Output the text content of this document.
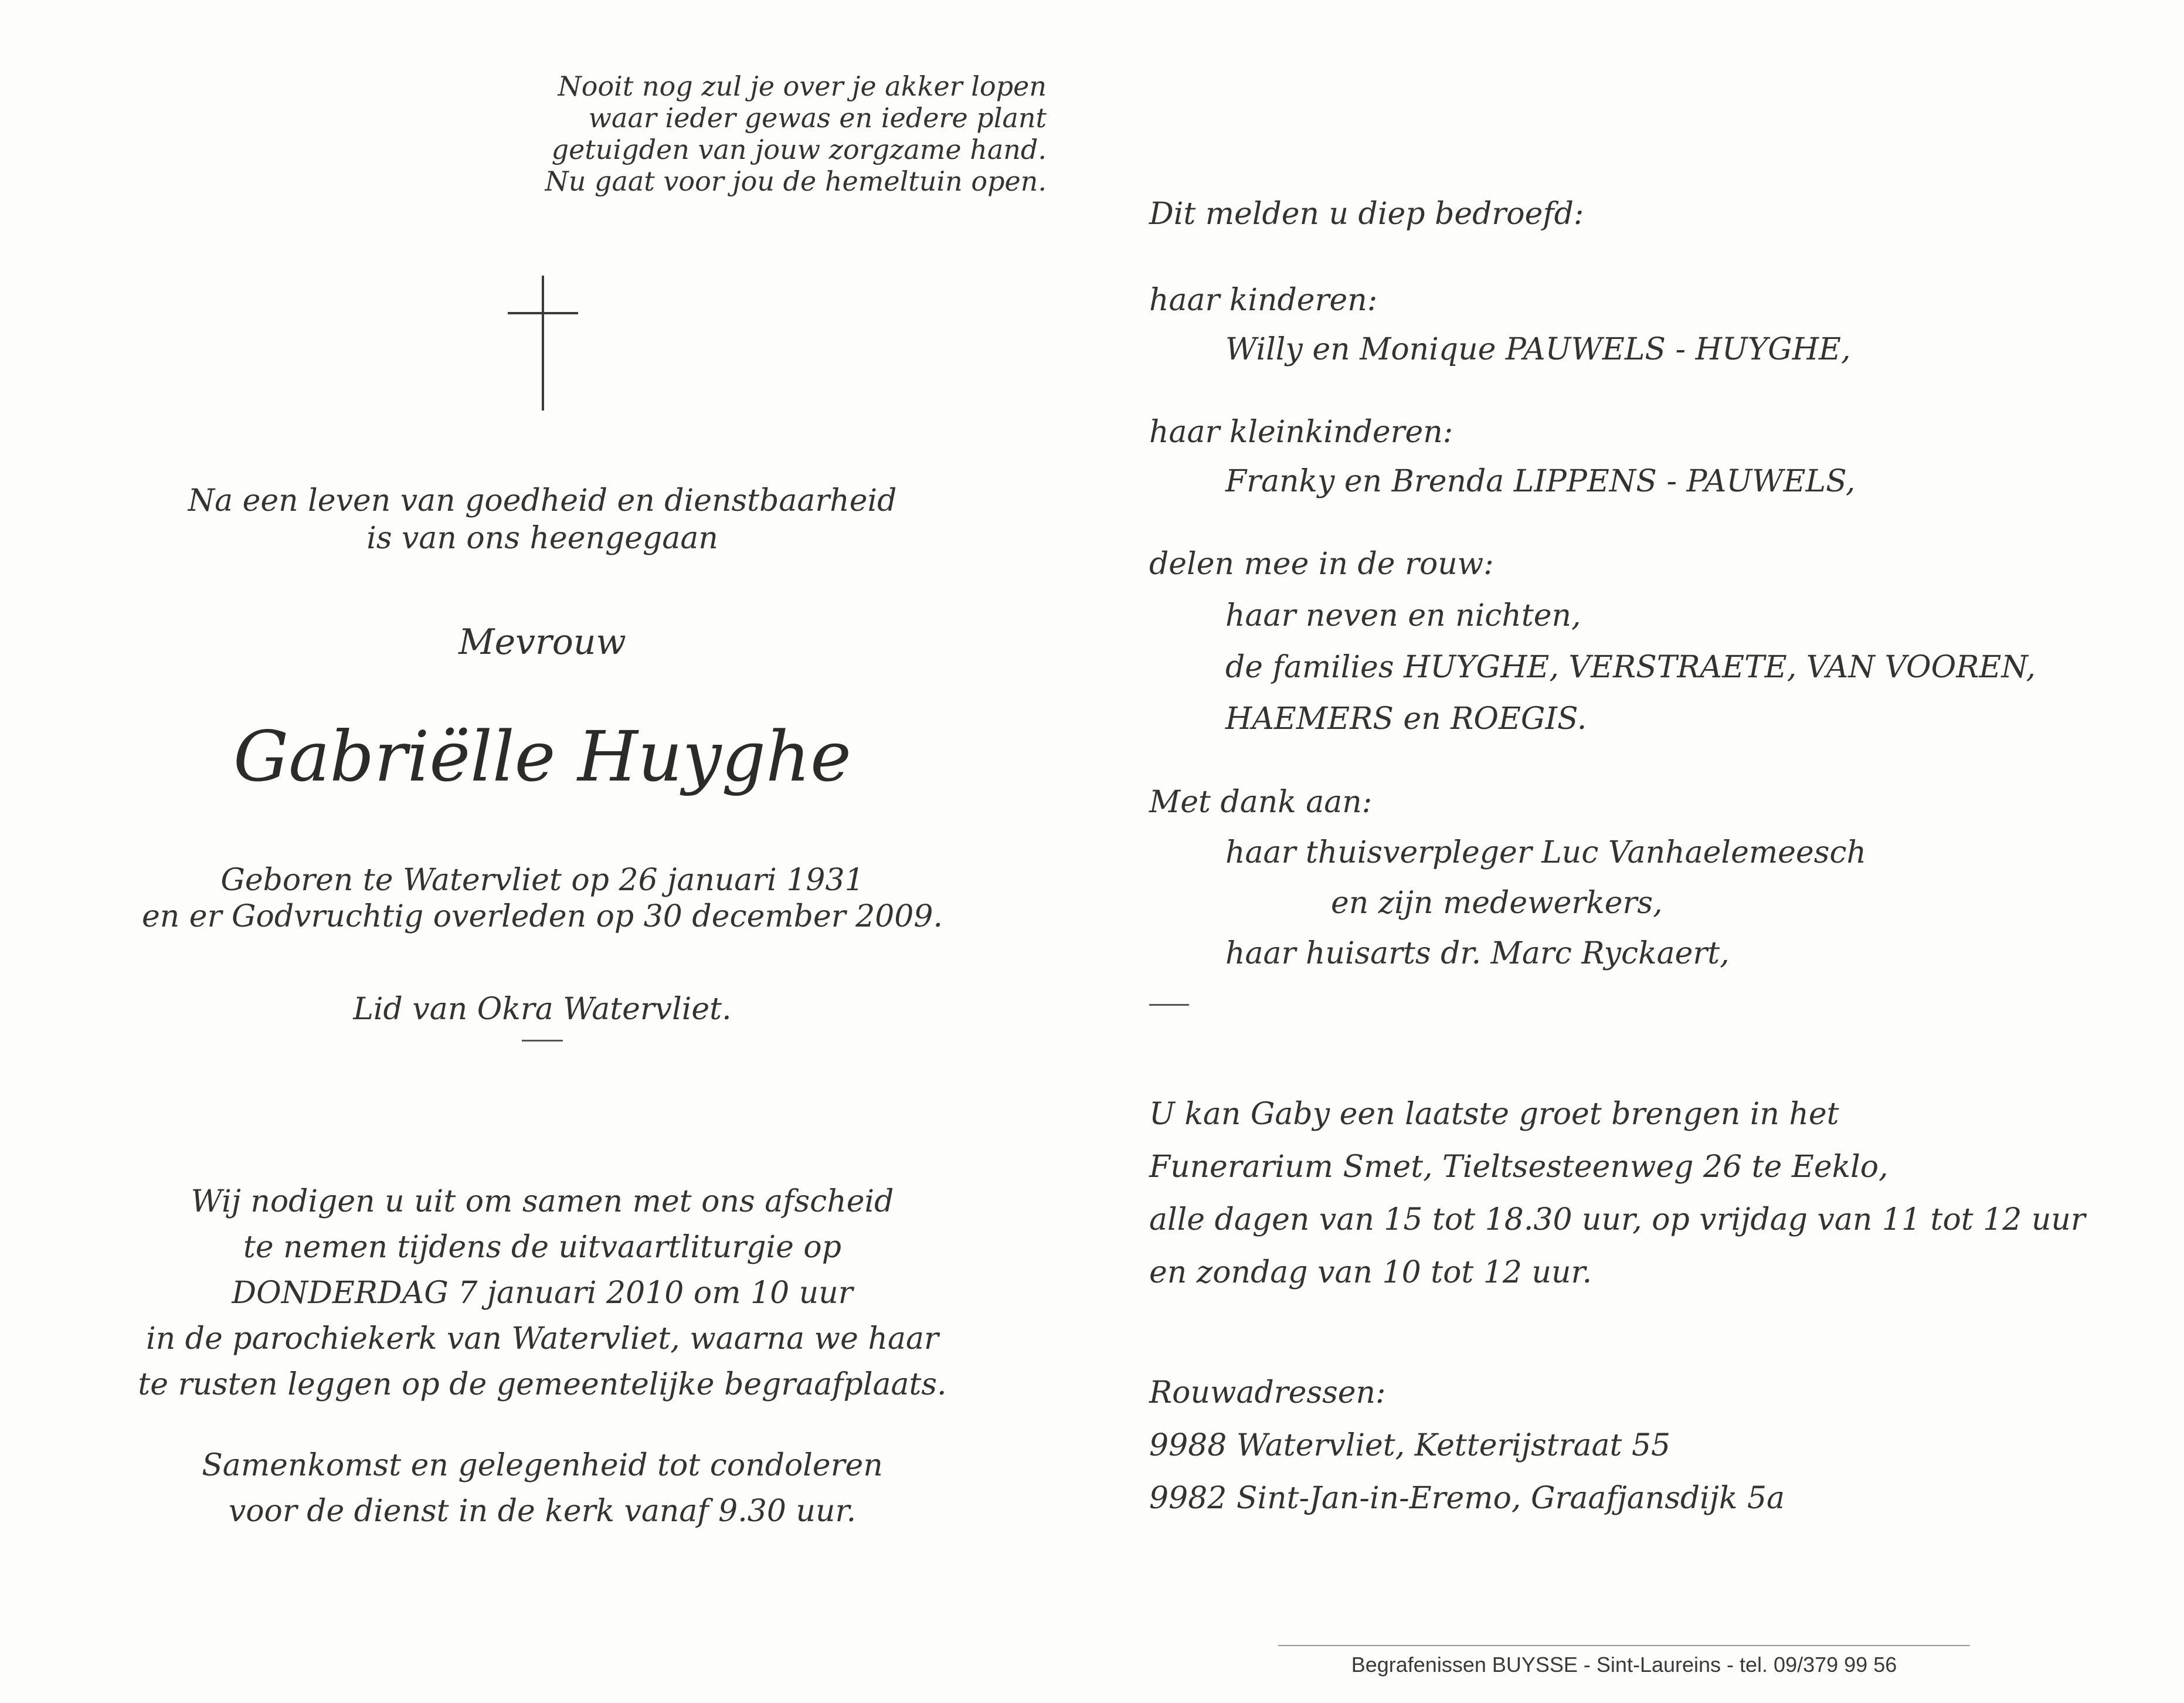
Nooit nog zul je over je akker lopen
waar ieder gewas en iedere plant
getuigden van jouw zorgzame hand.
Nu gaat voor jou de hemeltuin open.
Na een leven van goedheid en dienstbaarheid
is van ons heengegaan
Mevrouw
Gabriëlle Huyghe
Geboren te Watervliet op 26 januari 1931
en er Godvruchtig overleden op 30 december 2009.
Lid van Okra Watervliet.
Wij nodigen u uit om samen met ons afscheid
te nemen tijdens de uitvaartliturgie op
DONDERDAG 7 januari 2010 om 10 uur
in de parochiekerk van Watervliet, waarna we haar
te rusten leggen op de gemeentelijke begraafplaats.
Samenkomst en gelegenheid tot condoleren
voor de dienst in de kerk vanaf 9.30 uur.
Dit melden u diep bedroefd:
haar kinderen:
Willy en Monique PAUWELS - HUYGHE,
haar kleinkinderen:
Franky en Brenda LIPPENS - PAUWELS,
delen mee in de rouw:
haar neven en nichten,
de families HUYGHE, VERSTRAETE, VAN VOOREN,
HAEMERS en ROEGIS.
Met dank aan:
haar thuisverpleger Luc Vanhaelemeesch
en zijn medewerkers,
haar huisarts dr. Marc Ryckaert,
U kan Gaby een laatste groet brengen in het
Funerarium Smet, Tieltsesteenweg 26 te Eeklo,
alle dagen van 15 tot 18.30 uur, op vrijdag van 11 tot 12 uur
en zondag van 10 tot 12 uur.
Rouwadressen:
9988 Watervliet, Ketterijstraat 55
9982 Sint-Jan-in-Eremo, Graafjansdijk 5a
Begrafenissen BUYSSE - Sint-Laureins - tel. 09/379 99 56
